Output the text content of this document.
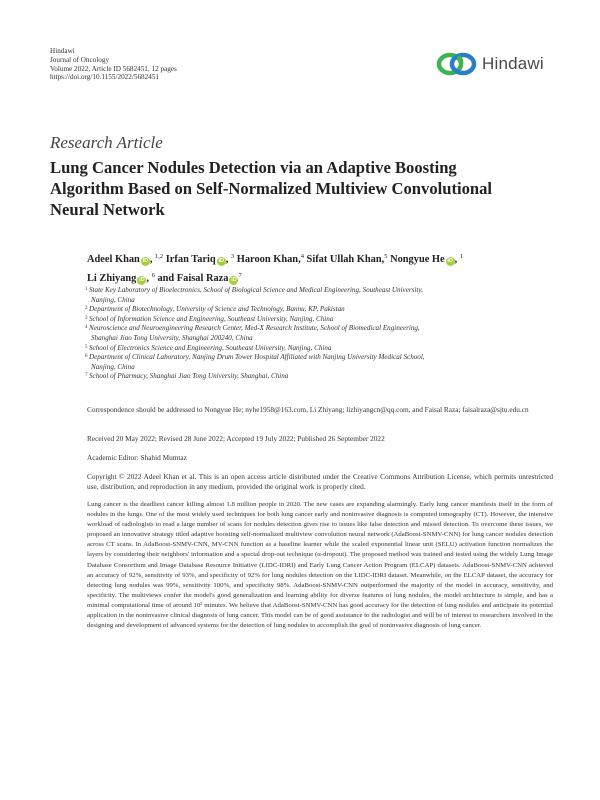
Hindawi
Journal of Oncology
Volume 2022, Article ID 5682451, 12 pages
https://doi.org/10.1155/2022/5682451
Hindawi
Research Article
Lung Cancer Nodules Detection via an Adaptive Boosting
Algorithm Based on Self-Normalized Multiview Convolutional
Neural Network
Adeel Khan iD , $^{1,2}$ Irfan Tariq iD , $^3$ Haroon Khan,$^4$ Sifat Ullah Khan,$^5$ Nongyue He iD , $^1$
Li Zhiyang iD , $^6$ and Faisal Raza $iD^7$
1 State Key Laboratory of Bioelectronics, School of Biological Science and Medical Engineering, Southeast University,
Nanjing, China
2 Department of Biotechnology, University of Science and Technology, Bannu, KP, Pakistan
3 School of Information Science and Engineering, Southeast University, Nanjing, China
4 Neuroscience and Neuroengineering Research Center, Med-X Research Institute, School of Biomedical Engineering,
Shanghai Jiao Tong University, Shanghai 200240, China
5 School of Electronics Science and Engineering, Southeast University, Nanjing, China
6 Department of Clinical Laboratory, Nanjing Drum Tower Hospital Affiliated with Nanjing University Medical School,
Nanjing, China
7 School of Pharmacy, Shanghai Jiao Tong University, Shanghai, China
Correspondence should be addressed to Nongyue He; nyhe1958@163.com, Li Zhiyang; lizhiyangcn@qq.com, and Faisal Raza; faisalraza@sjtu.edu.cn
Received 20 May 2022; Revised 28 June 2022; Accepted 19 July 2022; Published 26 September 2022
Academic Editor: Shahid Mumtaz
Copyright © 2022 Adeel Khan et al. This is an open access article distributed under the Creative Commons Attribution License, which permits unrestricted use, distribution, and reproduction in any medium, provided the original work is properly cited.
Lung cancer is the deadliest cancer killing almost 1.8 million people in 2020. The new cases are expanding alarmingly. Early lung cancer manifests itself in the form of nodules in the lungs. One of the most widely used techniques for both lung cancer early and noninvasive diagnosis is computed tomography (CT). However, the intensive workload of radiologists to read a large number of scans for nodules detection gives rise to issues like false detection and missed detection. To overcome these issues, we proposed an innovative strategy titled adaptive boosting self-normalized multiview convolution neural network (AdaBoost-SNMV-CNN) for lung cancer nodules detection across CT scans. In AdaBoost-SNMV-CNN, MV-CNN function as a baseline learner while the scaled exponential linear unit (SELU) activation function normalizes the layers by considering their neighbors' information and a special drop-out technique (α-dropout). The proposed method was trained and tested using the widely Lung Image Database Consortium and Image Database Resource Initiative (LIDC-IDRI) and Early Lung Cancer Action Program (ELCAP) datasets. AdaBoost-SNMV-CNN achieved an accuracy of 92%, sensitivity of 93%, and specificity of 92% for lung nodules detection on the LIDC-IDRI dataset. Meanwhile, on the ELCAP dataset, the accuracy for detecting lung nodules was 99%, sensitivity 100%, and specificity 98%. AdaBoost-SNMV-CNN outperformed the majority of the model in accuracy, sensitivity, and specificity. The multiviews confer the model's good generalization and learning ability for diverse features of lung nodules, the model architecture is simple, and has a minimal computational time of around 10² minutes. We believe that AdaBoost-SNMV-CNN has good accuracy for the detection of lung nodules and anticipate its potential application in the noninvasive clinical diagnosis of lung cancer. This model can be of good assistance to the radiologist and will be of interest to researchers involved in the designing and development of advanced systems for the detection of lung nodules to accomplish the goal of noninvasive diagnosis of lung cancer.
